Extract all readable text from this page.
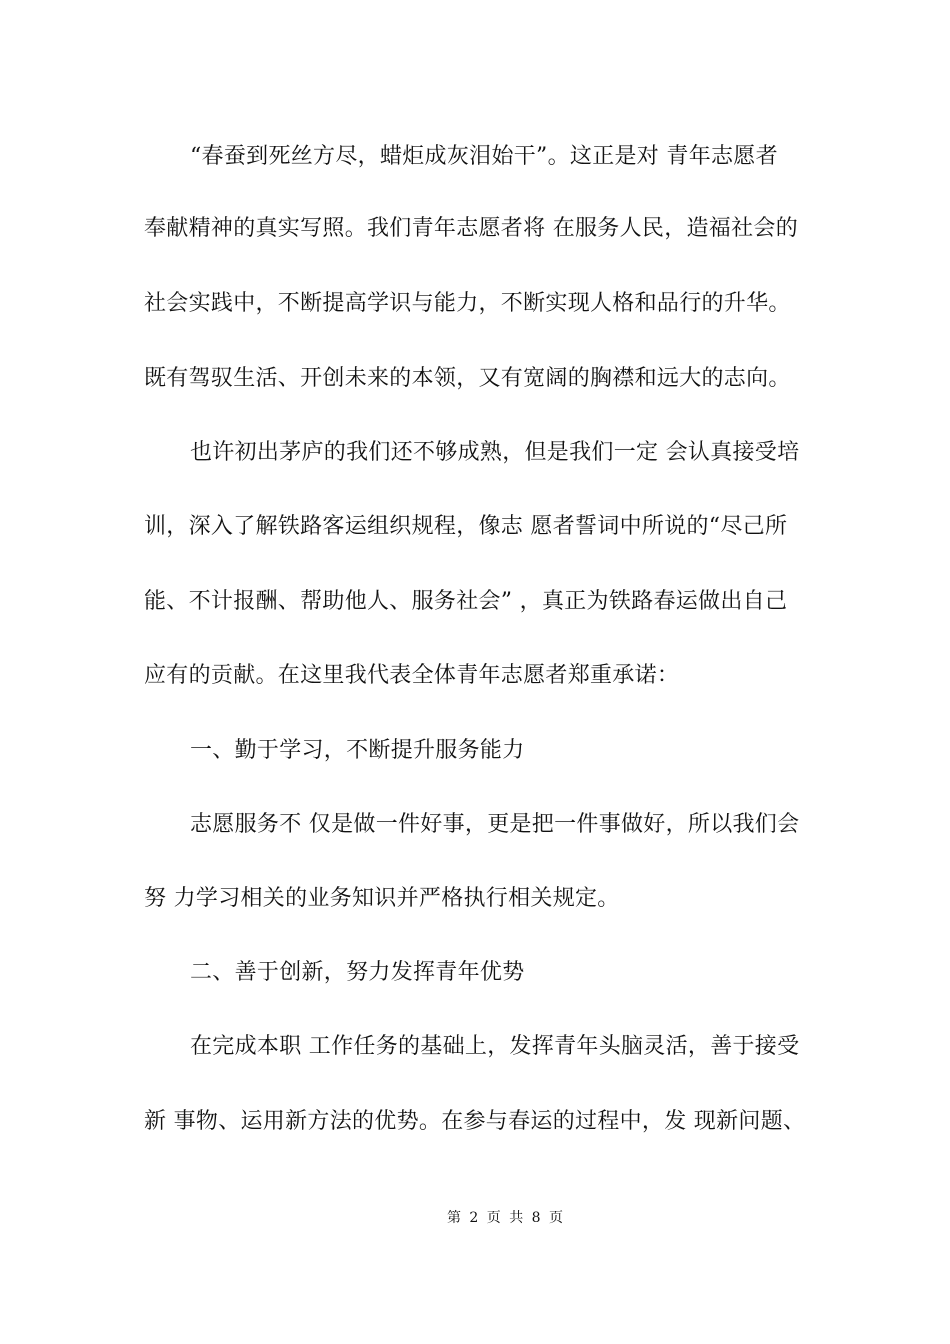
“春蚕到死丝方尽，蜡炬成灰泪始干”。这正是对 青年志愿者
奉献精神的真实写照。我们青年志愿者将 在服务人民，造福社会的
社会实践中，不断提高学识与能力，不断实现人格和品行的升华。
既有驾驭生活、开创未来的本领，又有宽阔的胸襟和远大的志向。
也许初出茅庐的我们还不够成熟，但是我们一定 会认真接受培
训，深入了解铁路客运组织规程，像志 愿者誓词中所说的“尽己所
能、不计报酬、帮助他人、服务社会” ，真正为铁路春运做出自己
应有的贡献。在这里我代表全体青年志愿者郑重承诺：
一、勤于学习，不断提升服务能力
志愿服务不 仅是做一件好事，更是把一件事做好，所以我们会
努 力学习相关的业务知识并严格执行相关规定。
二、善于创新，努力发挥青年优势
在完成本职 工作任务的基础上，发挥青年头脑灵活，善于接受
新 事物、运用新方法的优势。在参与春运的过程中，发 现新问题、
第 2 页 共 8 页
